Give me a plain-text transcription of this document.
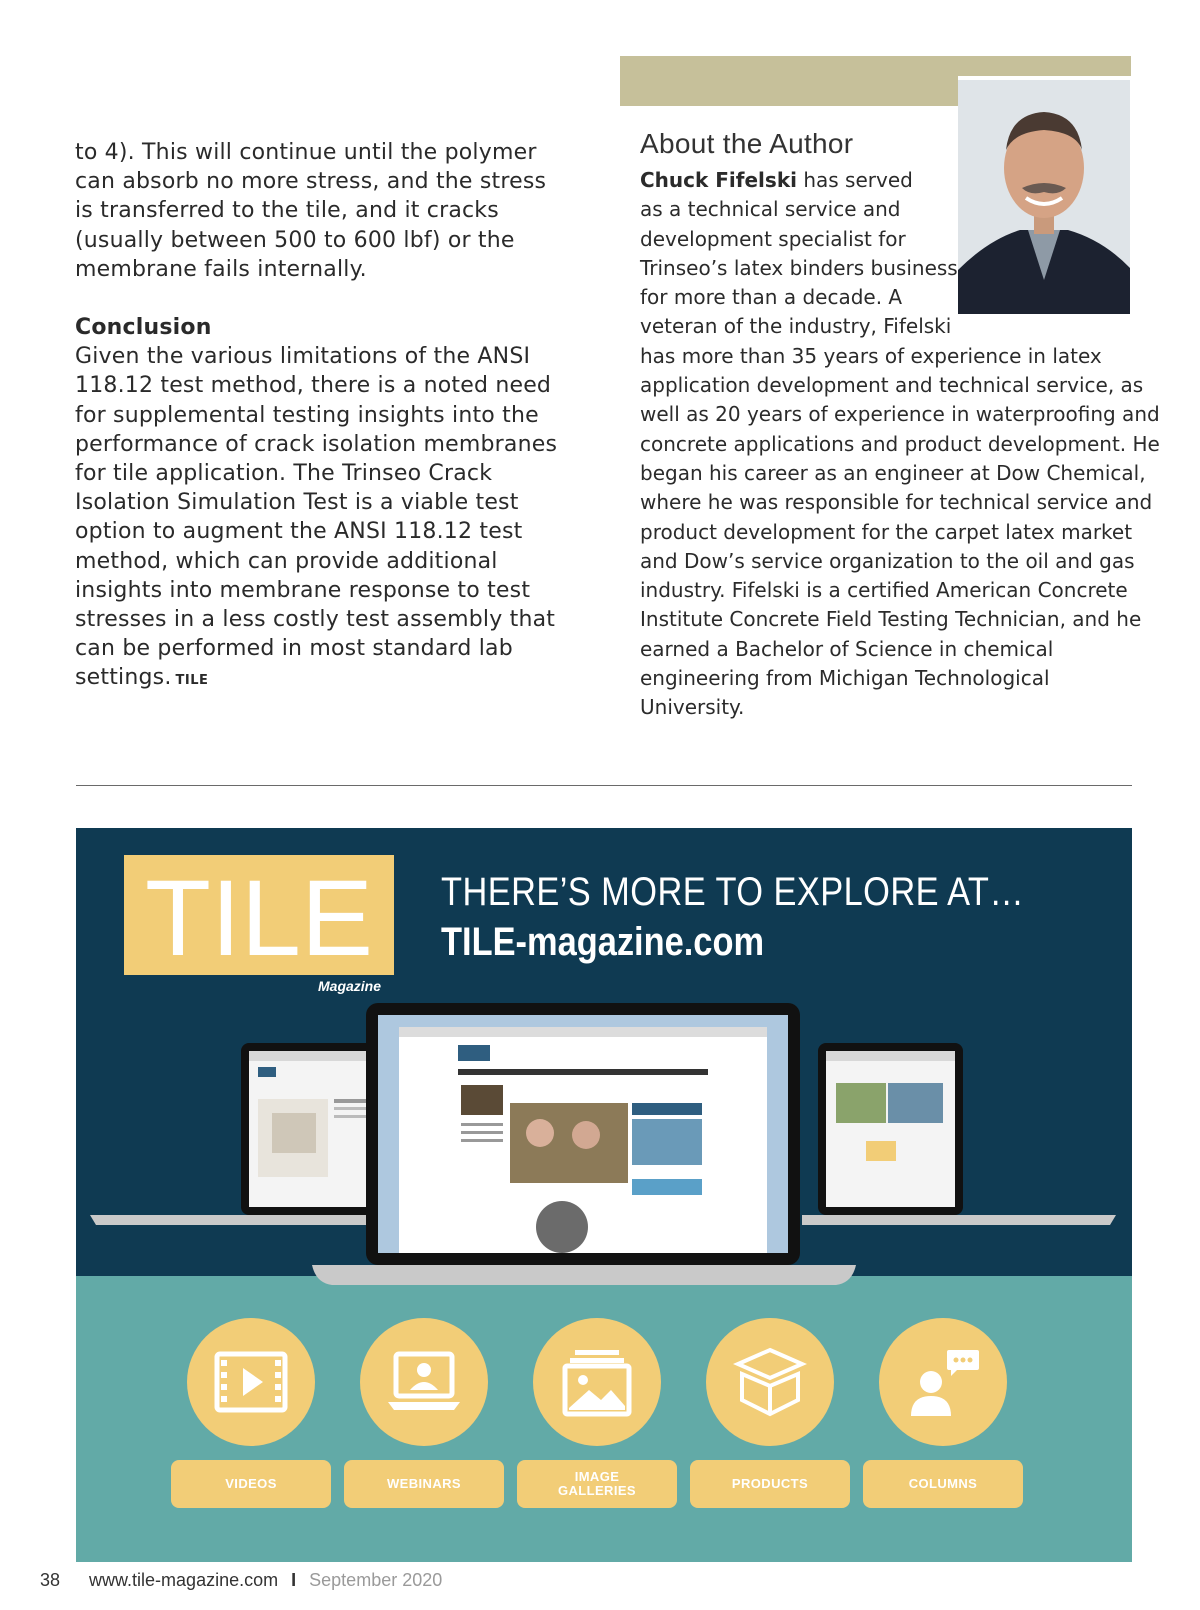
to 4). This will continue until the polymer can absorb no more stress, and the stress is transferred to the tile, and it cracks (usually between 500 to 600 lbf) or the membrane fails internally.

Conclusion

Given the various limitations of the ANSI 118.12 test method, there is a noted need for supplemental testing insights into the performance of crack isolation membranes for tile application. The Trinseo Crack Isolation Simulation Test is a viable test option to augment the ANSI 118.12 test method, which can provide additional insights into membrane response to test stresses in a less costly test assembly that can be performed in most standard lab settings. TILE

About the Author

Chuck Fifelski has served

as a technical service and

development specialist for

Trinseo’s latex binders business

for more than a decade. A

veteran of the industry, Fifelski

has more than 35 years of experience in latex application development and technical service, as well as 20 years of experience in waterproofing and concrete applications and product development. He began his career as an engineer at Dow Chemical, where he was responsible for technical service and product development for the carpet latex market and Dow’s service organization to the oil and gas industry. Fifelski is a certified American Concrete Institute Concrete Field Testing Technician, and he earned a Bachelor of Science in chemical engineering from Michigan Technological University.

TILE
Magazine
THERE’S MORE TO EXPLORE AT…
TILE-magazine.com
VIDEOS	WEBINARS	IMAGE
GALLERIES	PRODUCTS	COLUMNS
38 www.tile-magazine.com I September 2020
